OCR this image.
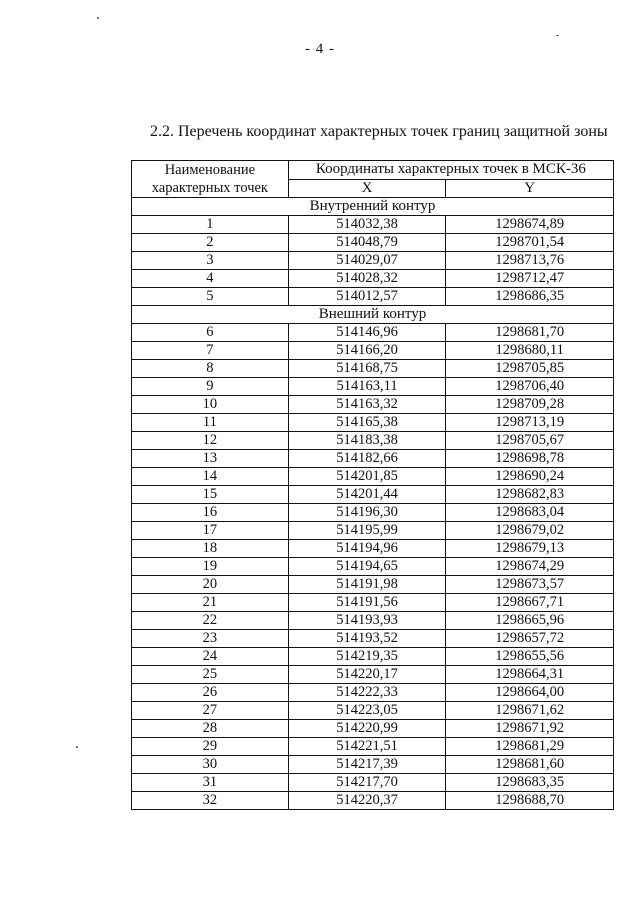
- 4 -
2.2. Перечень координат характерных точек границ защитной зоны
Наименование характерных точек	Координаты характерных точек в МСК-36	
	X	Y
Внутренний контур		
1	514032,38	1298674,89
2	514048,79	1298701,54
3	514029,07	1298713,76
4	514028,32	1298712,47
5	514012,57	1298686,35
Внешний контур		
6	514146,96	1298681,70
7	514166,20	1298680,11
8	514168,75	1298705,85
9	514163,11	1298706,40
10	514163,32	1298709,28
11	514165,38	1298713,19
12	514183,38	1298705,67
13	514182,66	1298698,78
14	514201,85	1298690,24
15	514201,44	1298682,83
16	514196,30	1298683,04
17	514195,99	1298679,02
18	514194,96	1298679,13
19	514194,65	1298674,29
20	514191,98	1298673,57
21	514191,56	1298667,71
22	514193,93	1298665,96
23	514193,52	1298657,72
24	514219,35	1298655,56
25	514220,17	1298664,31
26	514222,33	1298664,00
27	514223,05	1298671,62
28	514220,99	1298671,92
29	514221,51	1298681,29
30	514217,39	1298681,60
31	514217,70	1298683,35
32	514220,37	1298688,70
